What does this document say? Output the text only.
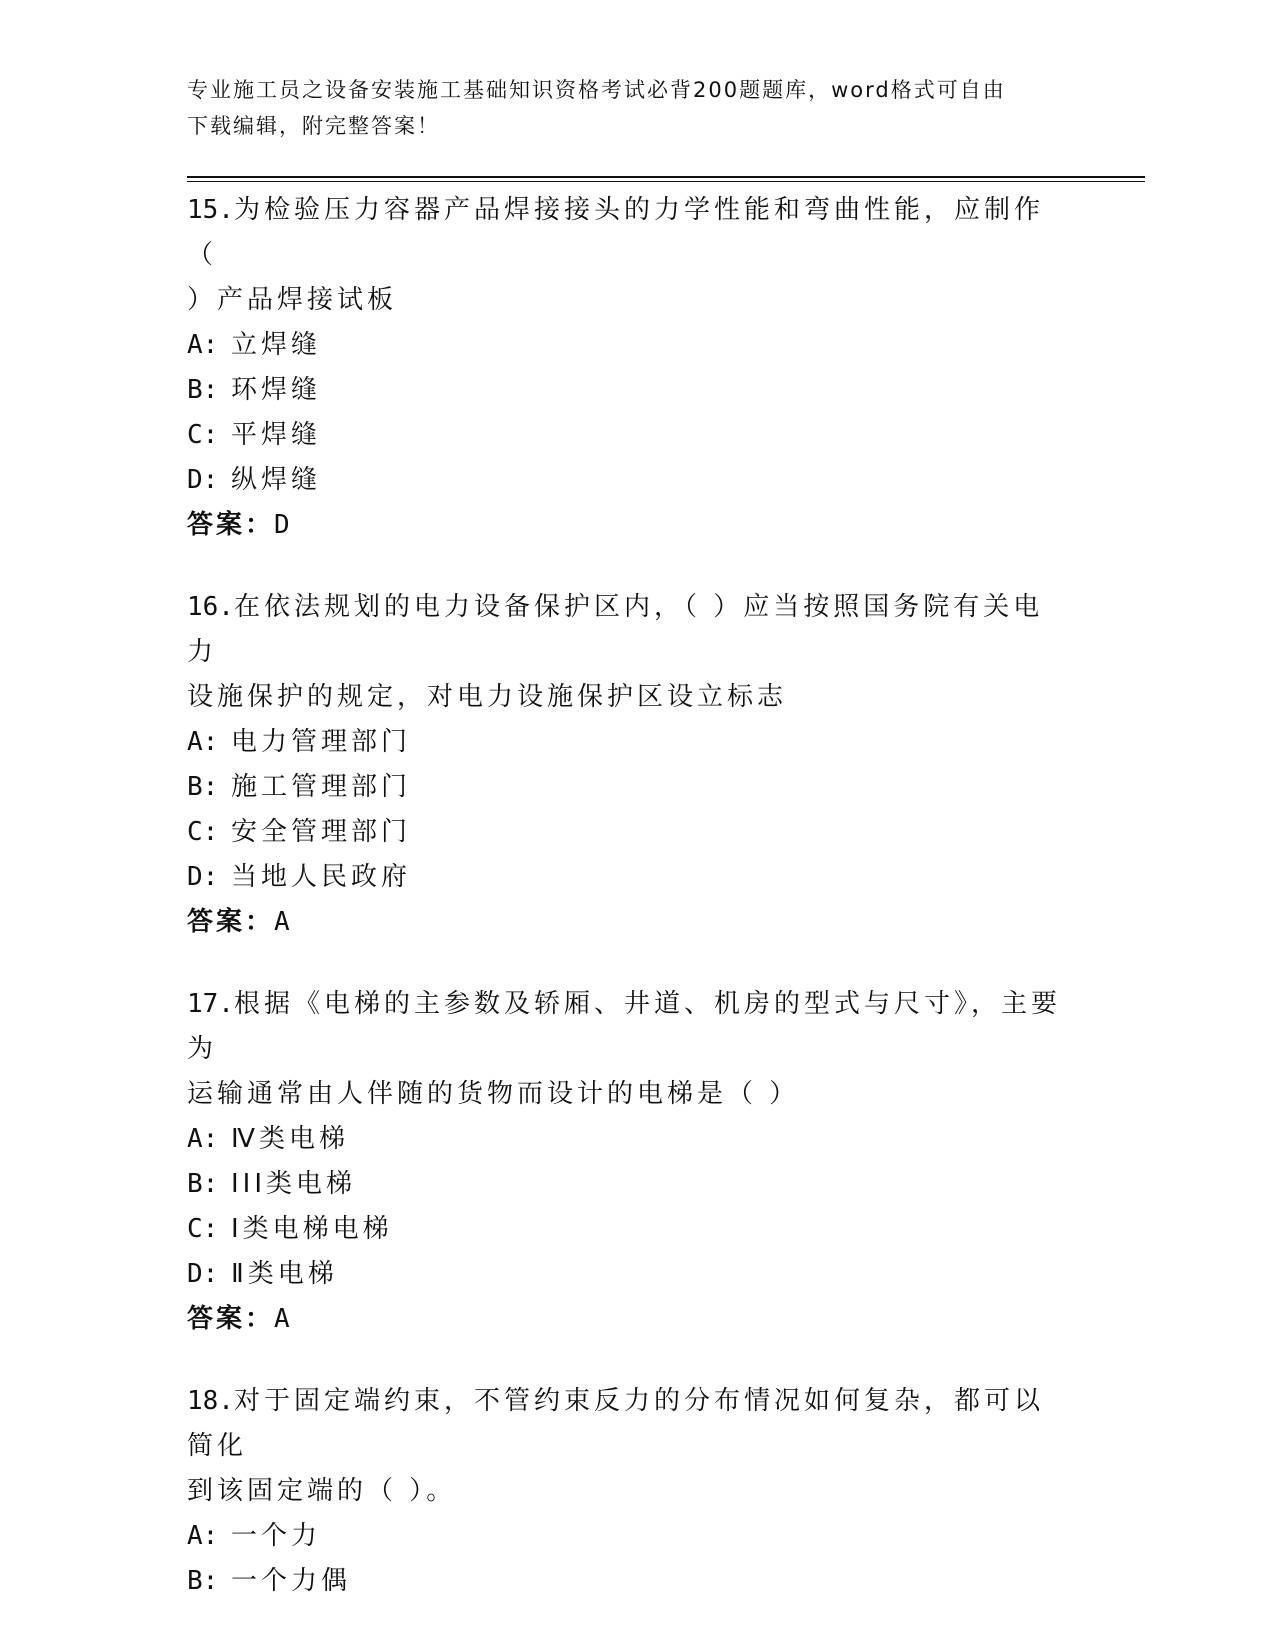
专业施工员之设备安装施工基础知识资格考试必背200题题库，word格式可自由
下载编辑，附完整答案！
15.为检验压力容器产品焊接接头的力学性能和弯曲性能，应制作（
）产品焊接试板
A: 立焊缝
B: 环焊缝
C: 平焊缝
D: 纵焊缝
答案：D
16.在依法规划的电力设备保护区内，（ ）应当按照国务院有关电力
设施保护的规定，对电力设施保护区设立标志
A: 电力管理部门
B: 施工管理部门
C: 安全管理部门
D: 当地人民政府
答案：A
17.根据《电梯的主参数及轿厢、井道、机房的型式与尺寸》，主要为
运输通常由人伴随的货物而设计的电梯是（ ）
A: Ⅳ类电梯
B: III类电梯
C: Ⅰ类电梯电梯
D: Ⅱ类电梯
答案：A
18.对于固定端约束，不管约束反力的分布情况如何复杂，都可以简化
到该固定端的（ ）。
A: 一个力
B: 一个力偶
